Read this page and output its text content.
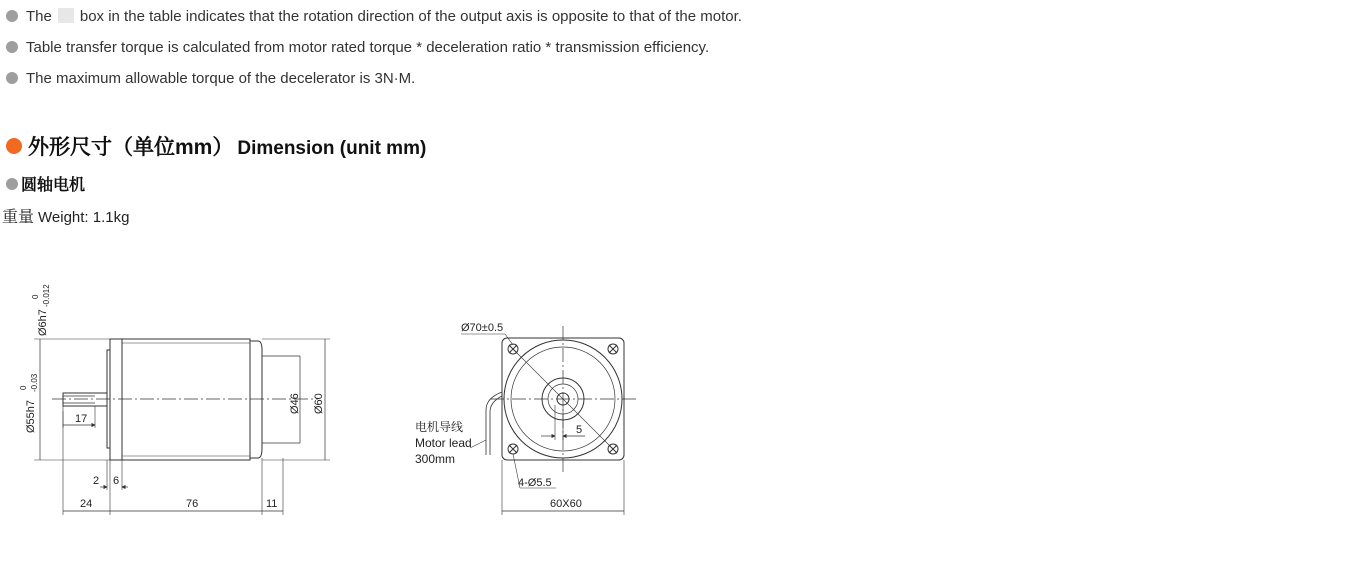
The box in the table indicates that the rotation direction of the output axis is opposite to that of the motor.
Table transfer torque is calculated from motor rated torque * deceleration ratio * transmission efficiency.
The maximum allowable torque of the decelerator is 3N·M.
外形尺寸（单位mm） Dimension (unit mm)
圆轴电机
重量 Weight: 1.1kg
Ø6h7
0 -0.012
Ø55h7
0 -0.03
17
2 6
24	76	11
Ø46 Ø60
Ø70±0.5
5
4-Ø5.5
60X60
电机导线
Motor lead
300mm
